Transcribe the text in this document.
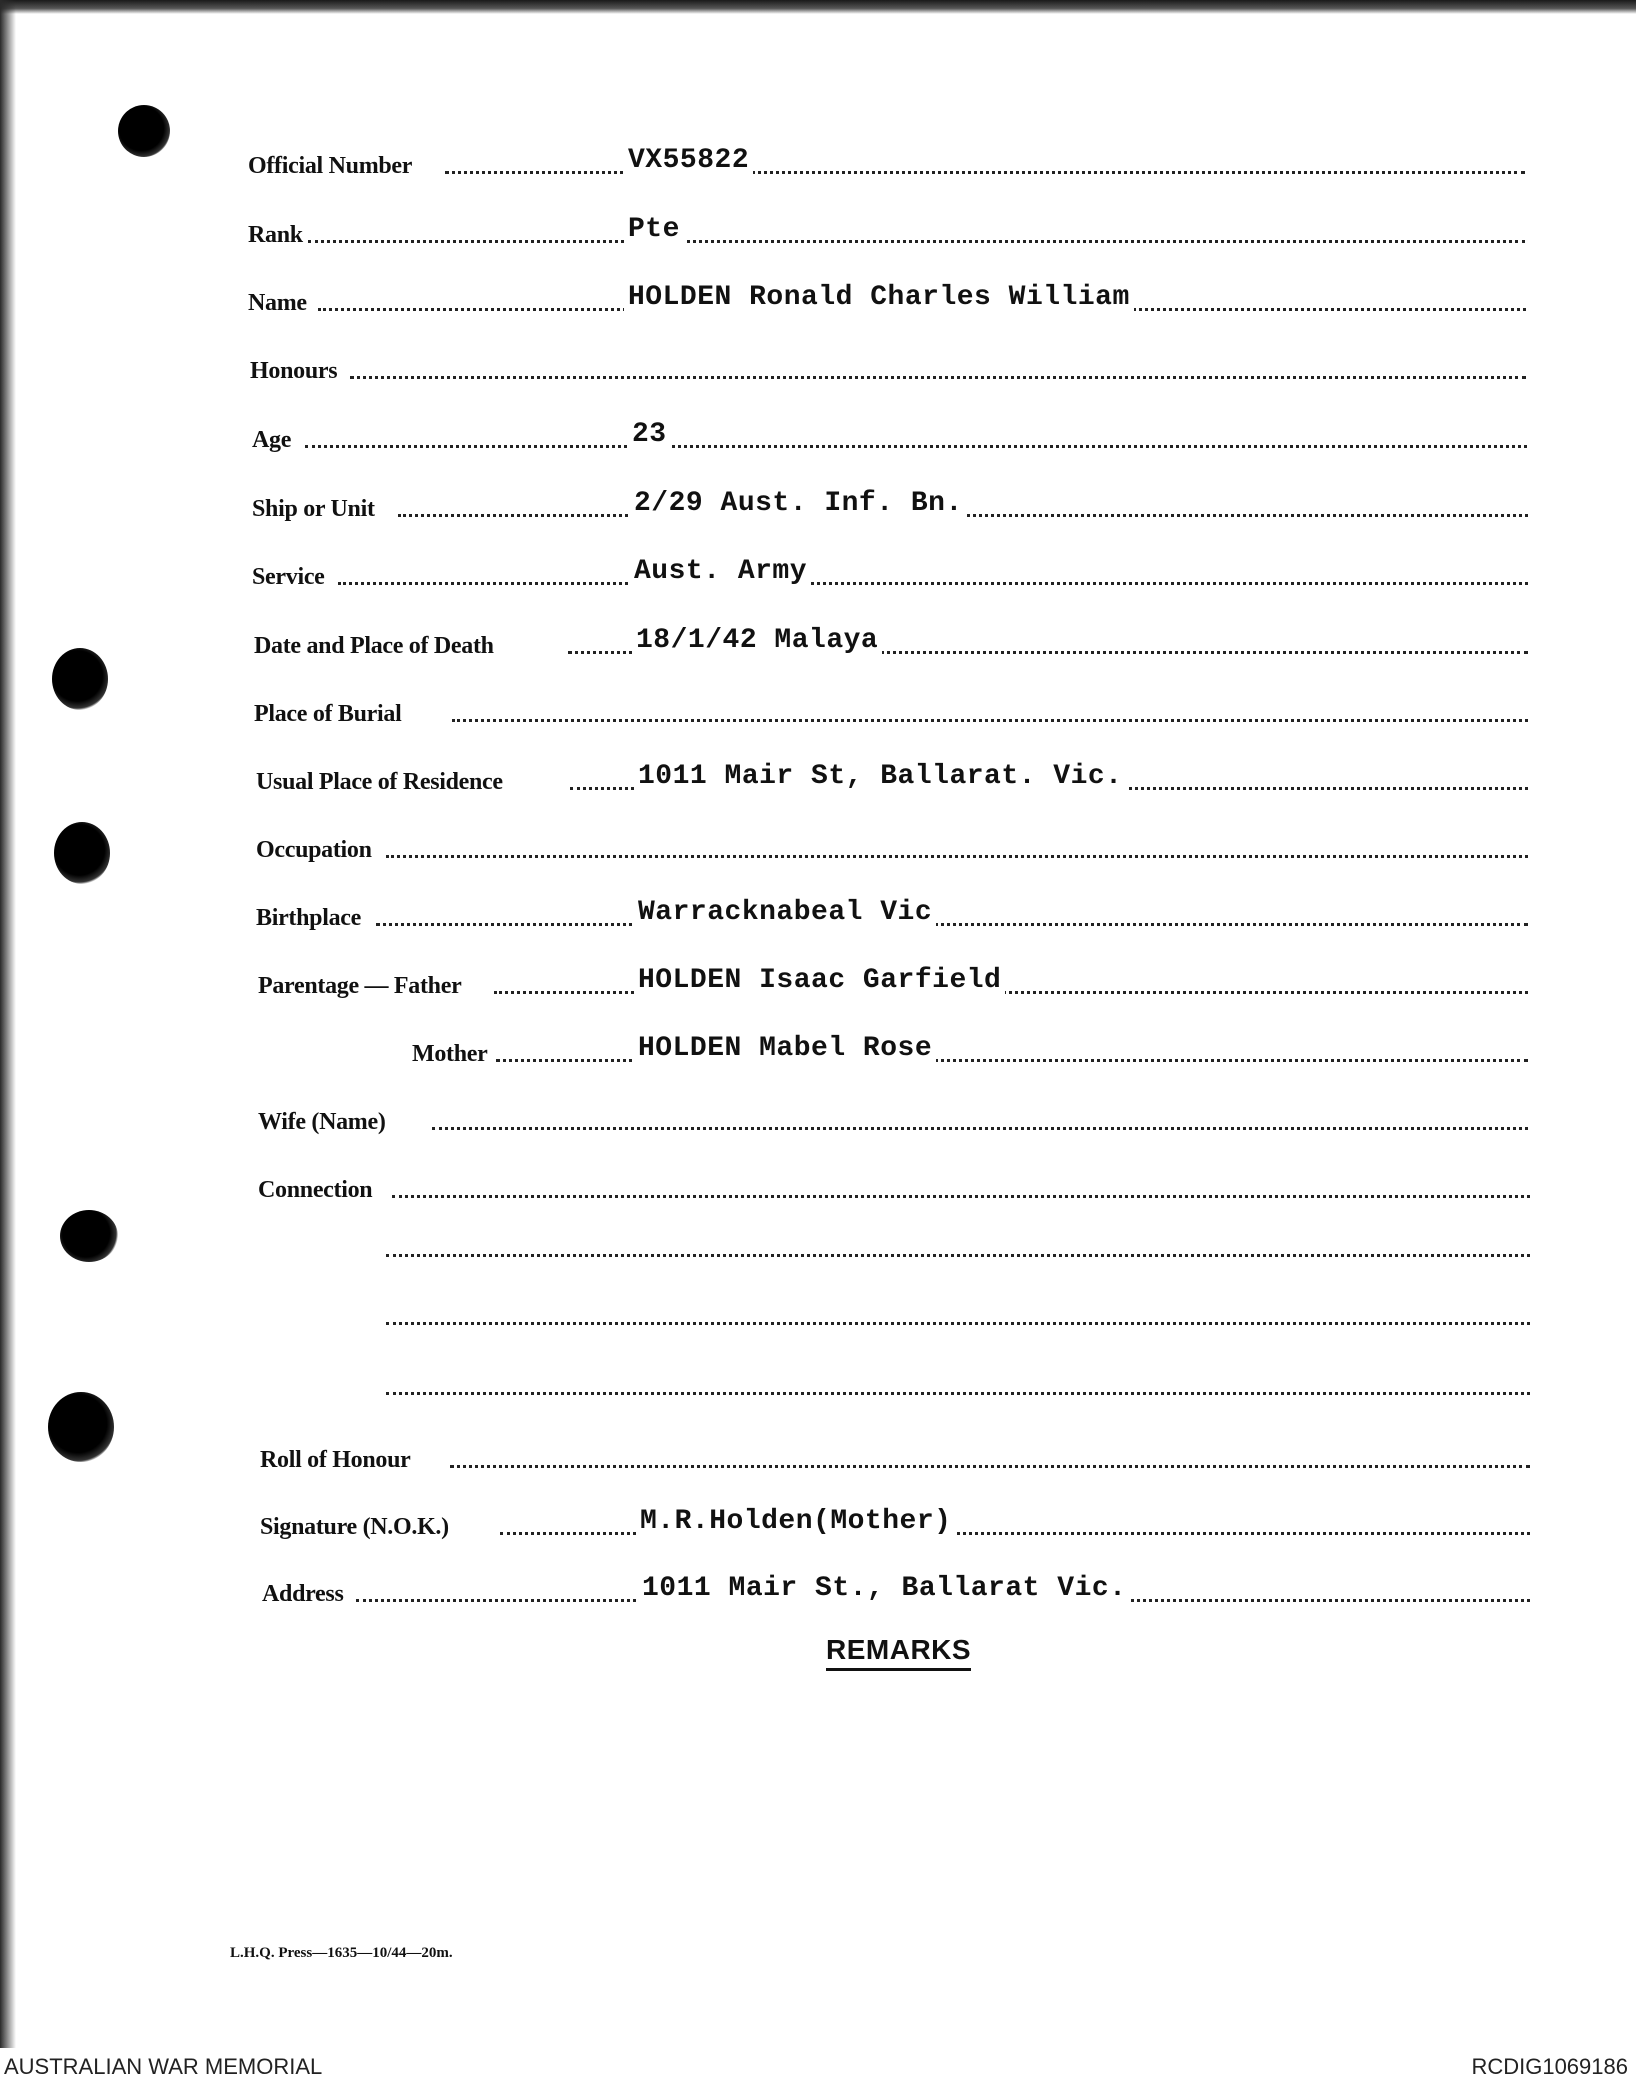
Official Number	VX55822
Rank	Pte
Name	HOLDEN Ronald Charles William
Honours
Age	23
Ship or Unit	2/29 Aust. Inf. Bn.
Service	Aust. Army
Date and Place of Death	18/1/42 Malaya
Place of Burial
Usual Place of Residence	1011 Mair St, Ballarat. Vic.
Occupation
Birthplace	Warracknabeal Vic
Parentage — Father	HOLDEN Isaac Garfield
Mother	HOLDEN Mabel Rose
Wife (Name)
Connection
Roll of Honour
Signature (N.O.K.)	M.R.Holden(Mother)
Address	1011 Mair St., Ballarat Vic.
REMARKS
L.H.Q. Press—1635—10/44—20m.
AUSTRALIAN WAR MEMORIAL	RCDIG1069186
